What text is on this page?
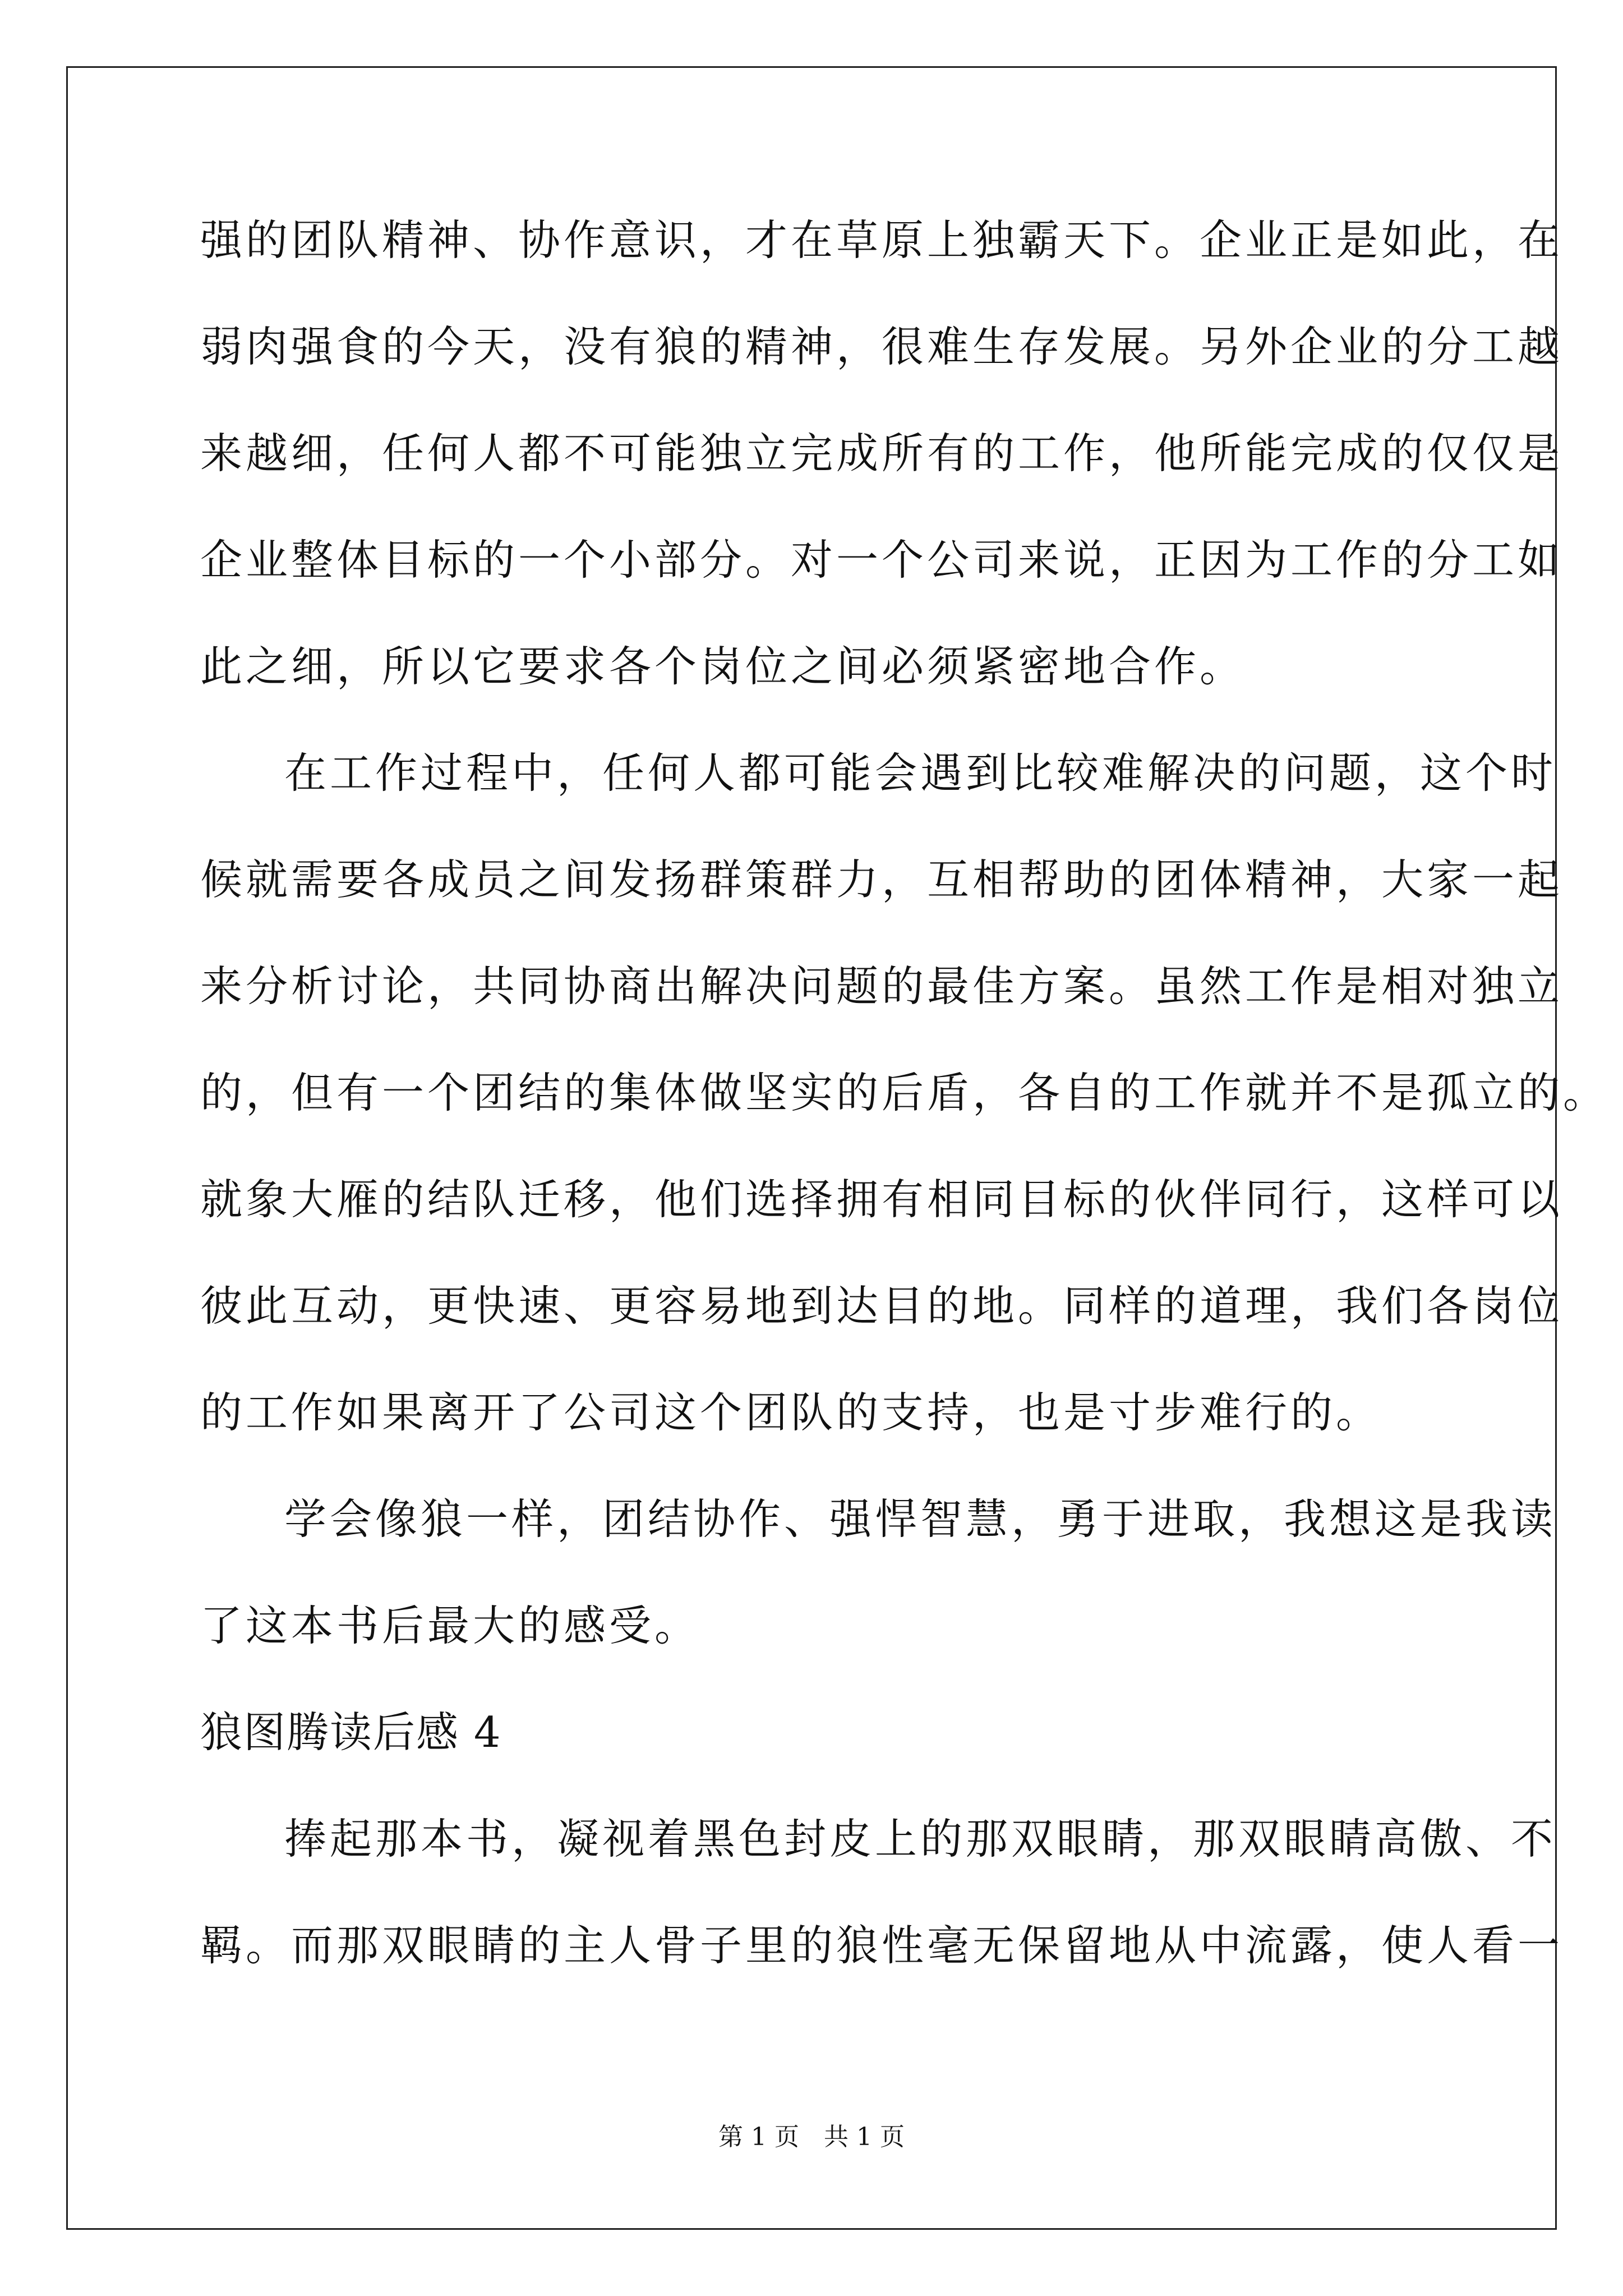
强的团队精神、协作意识，才在草原上独霸天下。企业正是如此，在
弱肉强食的今天，没有狼的精神，很难生存发展。另外企业的分工越
来越细，任何人都不可能独立完成所有的工作，他所能完成的仅仅是
企业整体目标的一个小部分。对一个公司来说，正因为工作的分工如
此之细，所以它要求各个岗位之间必须紧密地合作。
在工作过程中，任何人都可能会遇到比较难解决的问题，这个时
候就需要各成员之间发扬群策群力，互相帮助的团体精神，大家一起
来分析讨论，共同协商出解决问题的最佳方案。虽然工作是相对独立
的，但有一个团结的集体做坚实的后盾，各自的工作就并不是孤立的。
就象大雁的结队迁移，他们选择拥有相同目标的伙伴同行，这样可以
彼此互动，更快速、更容易地到达目的地。同样的道理，我们各岗位
的工作如果离开了公司这个团队的支持，也是寸步难行的。
学会像狼一样，团结协作、强悍智慧，勇于进取，我想这是我读
了这本书后最大的感受。
狼图腾读后感 4
捧起那本书，凝视着黑色封皮上的那双眼睛，那双眼睛高傲、不
羁。而那双眼睛的主人骨子里的狼性毫无保留地从中流露，使人看一
第 1 页　共 1 页
